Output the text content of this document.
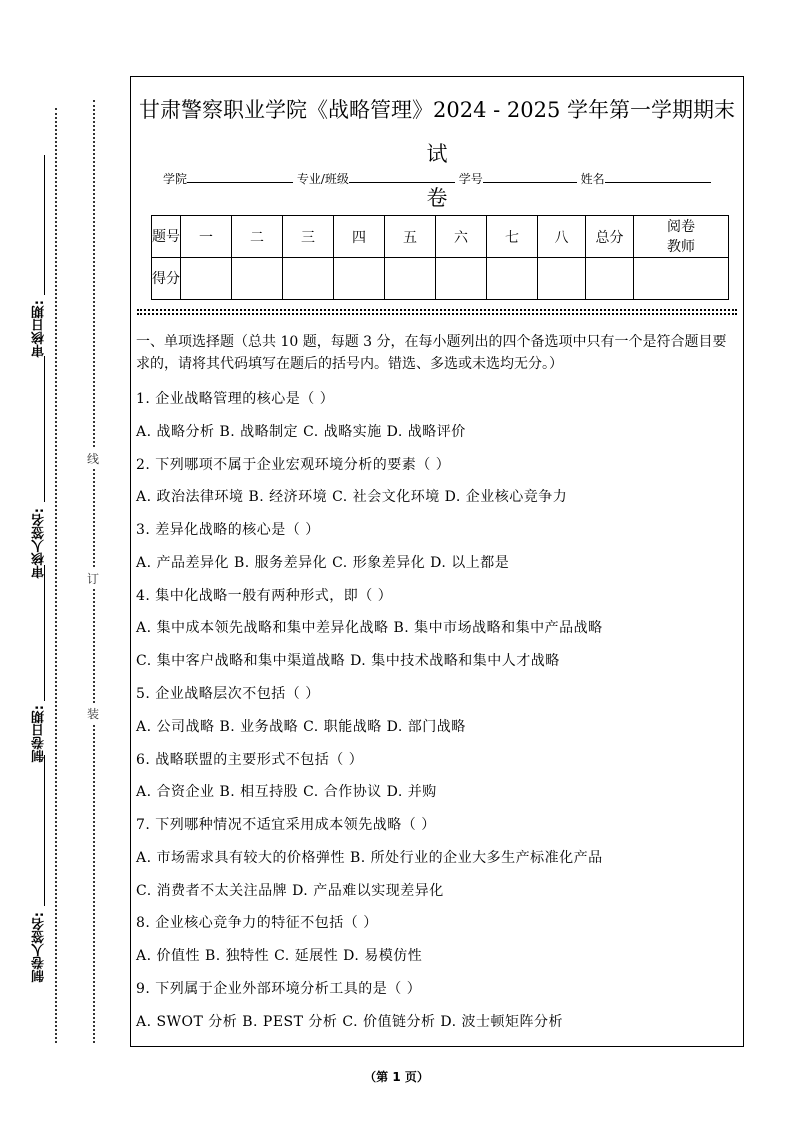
审核日期:
审核人签名:
制卷日期:
制卷人签名:
线
订
装
甘肃警察职业学院《战略管理》2024 - 2025 学年第一学期期末试
卷
学院	专业/班级	学号	姓名
题号	一	二	三	四	五	六	七	八	总分	阅卷教师
得分										
一、单项选择题（总共 10 题，每题 3 分，在每小题列出的四个备选项中只有一个是符合题目要求的，请将其代码填写在题后的括号内。错选、多选或未选均无分。）
1. 企业战略管理的核心是（ ）
A. 战略分析 B. 战略制定 C. 战略实施 D. 战略评价
2. 下列哪项不属于企业宏观环境分析的要素（ ）
A. 政治法律环境 B. 经济环境 C. 社会文化环境 D. 企业核心竞争力
3. 差异化战略的核心是（ ）
A. 产品差异化 B. 服务差异化 C. 形象差异化 D. 以上都是
4. 集中化战略一般有两种形式，即（ ）
A. 集中成本领先战略和集中差异化战略 B. 集中市场战略和集中产品战略
C. 集中客户战略和集中渠道战略 D. 集中技术战略和集中人才战略
5. 企业战略层次不包括（ ）
A. 公司战略 B. 业务战略 C. 职能战略 D. 部门战略
6. 战略联盟的主要形式不包括（ ）
A. 合资企业 B. 相互持股 C. 合作协议 D. 并购
7. 下列哪种情况不适宜采用成本领先战略（ ）
A. 市场需求具有较大的价格弹性 B. 所处行业的企业大多生产标准化产品
C. 消费者不太关注品牌 D. 产品难以实现差异化
8. 企业核心竞争力的特征不包括（ ）
A. 价值性 B. 独特性 C. 延展性 D. 易模仿性
9. 下列属于企业外部环境分析工具的是（ ）
A. SWOT 分析 B. PEST 分析 C. 价值链分析 D. 波士顿矩阵分析
（第 1 页）
